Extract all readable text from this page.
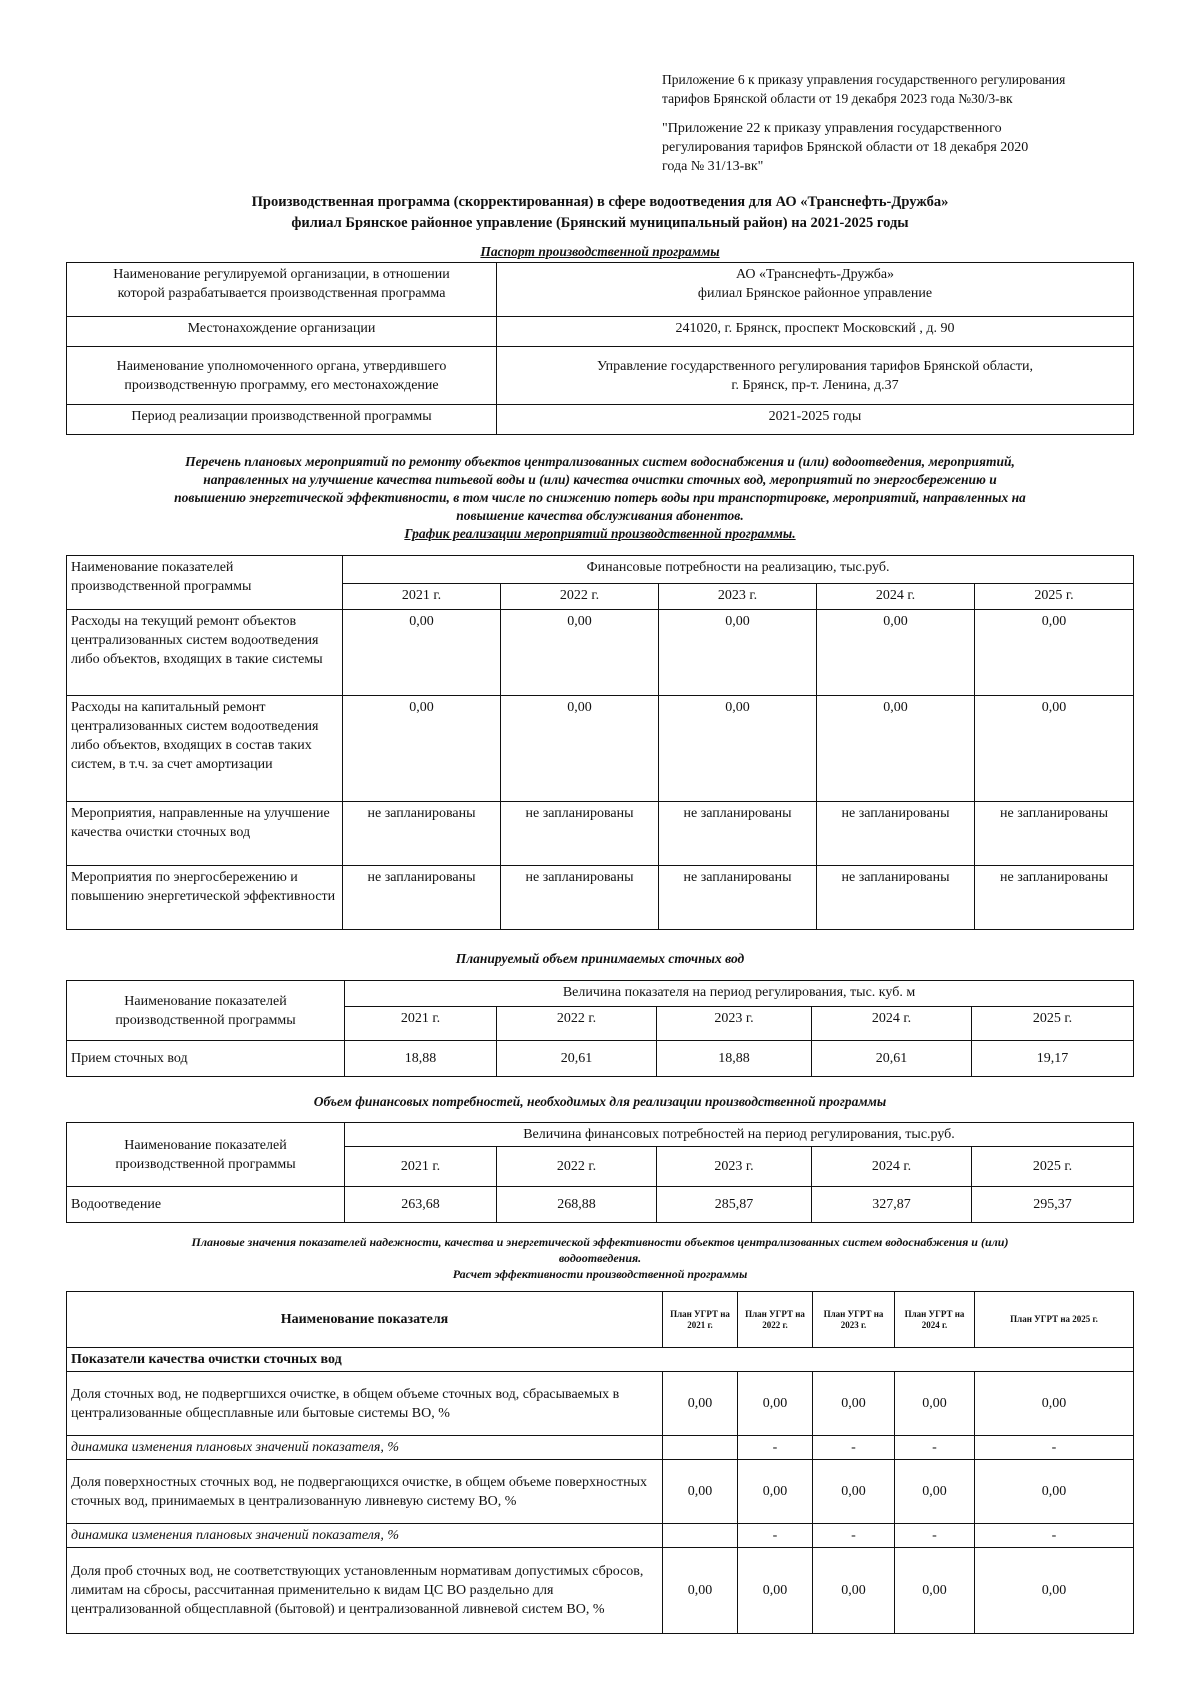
Приложение 6 к приказу управления государственного регулирования

тарифов Брянской области от 19 декабря 2023 года №30/3-вк

"Приложение 22 к приказу управления государственного

регулирования тарифов Брянской области от 18 декабря 2020

года № 31/13-вк"

Производственная программа (скорректированная) в сфере водоотведения для АО «Транснефть-Дружба»

филиал Брянское районное управление (Брянский муниципальный район) на 2021-2025 годы

Паспорт производственной программы

Наименование регулируемой организации, в отношении
которой разрабатывается производственная программа	АО «Транснефть-Дружба»
филиал Брянское районное управление

Местонахождение организации	241020, г. Брянск, проспект Московский , д. 90

Наименование уполномоченного органа, утвердившего
производственную программу, его местонахождение	Управление государственного регулирования тарифов Брянской области,
г. Брянск, пр-т. Ленина, д.37

Период реализации производственной программы	2021-2025 годы

Перечень плановых мероприятий по ремонту объектов централизованных систем водоснабжения и (или) водоотведения, мероприятий,

направленных на улучшение качества питьевой воды и (или) качества очистки сточных вод, мероприятий по энергосбережению и

повышению энергетической эффективности, в том числе по снижению потерь воды при транспортировке, мероприятий, направленных на

повышение качества обслуживания абонентов.

График реализации мероприятий производственной программы.

Наименование показателей производственной программы	Финансовые потребности на реализацию, тыс.руб.				
	2021 г.	2022 г.	2023 г.	2024 г.	2025 г.
Расходы на текущий ремонт объектов централизованных систем водоотведения либо объектов, входящих в такие системы	0,00	0,00	0,00	0,00	0,00
Расходы на капитальный ремонт централизованных систем водоотведения либо объектов, входящих в состав таких систем, в т.ч. за счет амортизации	0,00	0,00	0,00	0,00	0,00
Мероприятия, направленные на улучшение качества очистки сточных вод	не запланированы	не запланированы	не запланированы	не запланированы	не запланированы
Мероприятия по энергосбережению и повышению энергетической эффективности	не запланированы	не запланированы	не запланированы	не запланированы	не запланированы

Планируемый объем принимаемых сточных вод

Наименование показателей производственной программы	Величина показателя на период регулирования, тыс. куб. м				
	2021 г.	2022 г.	2023 г.	2024 г.	2025 г.
Прием сточных вод	18,88	20,61	18,88	20,61	19,17

Объем финансовых потребностей, необходимых для реализации производственной программы

Наименование показателей производственной программы	Величина финансовых потребностей на период регулирования, тыс.руб.				
	2021 г.	2022 г.	2023 г.	2024 г.	2025 г.
Водоотведение	263,68	268,88	285,87	327,87	295,37

Плановые значения показателей надежности, качества и энергетической эффективности объектов централизованных систем водоснабжения и (или)

водоотведения.

Расчет эффективности производственной программы

Наименование показателя	План УГРТ на 2021 г.	План УГРТ на 2022 г.	План УГРТ на 2023 г.	План УГРТ на 2024 г.	План УГРТ на 2025 г.
Показатели качества очистки сточных вод					
Доля сточных вод, не подвергшихся очистке, в общем объеме сточных вод, сбрасываемых в централизованные общесплавные или бытовые системы ВО, %	0,00	0,00	0,00	0,00	0,00
динамика изменения плановых значений показателя, %		-	-	-	-
Доля поверхностных сточных вод, не подвергающихся очистке, в общем объеме поверхностных сточных вод, принимаемых в централизованную ливневую систему ВО, %	0,00	0,00	0,00	0,00	0,00
динамика изменения плановых значений показателя, %		-	-	-	-
Доля проб сточных вод, не соответствующих установленным нормативам допустимых сбросов, лимитам на сбросы, рассчитанная применительно к видам ЦС ВО раздельно для централизованной общесплавной (бытовой) и централизованной ливневой систем ВО, %	0,00	0,00	0,00	0,00	0,00
